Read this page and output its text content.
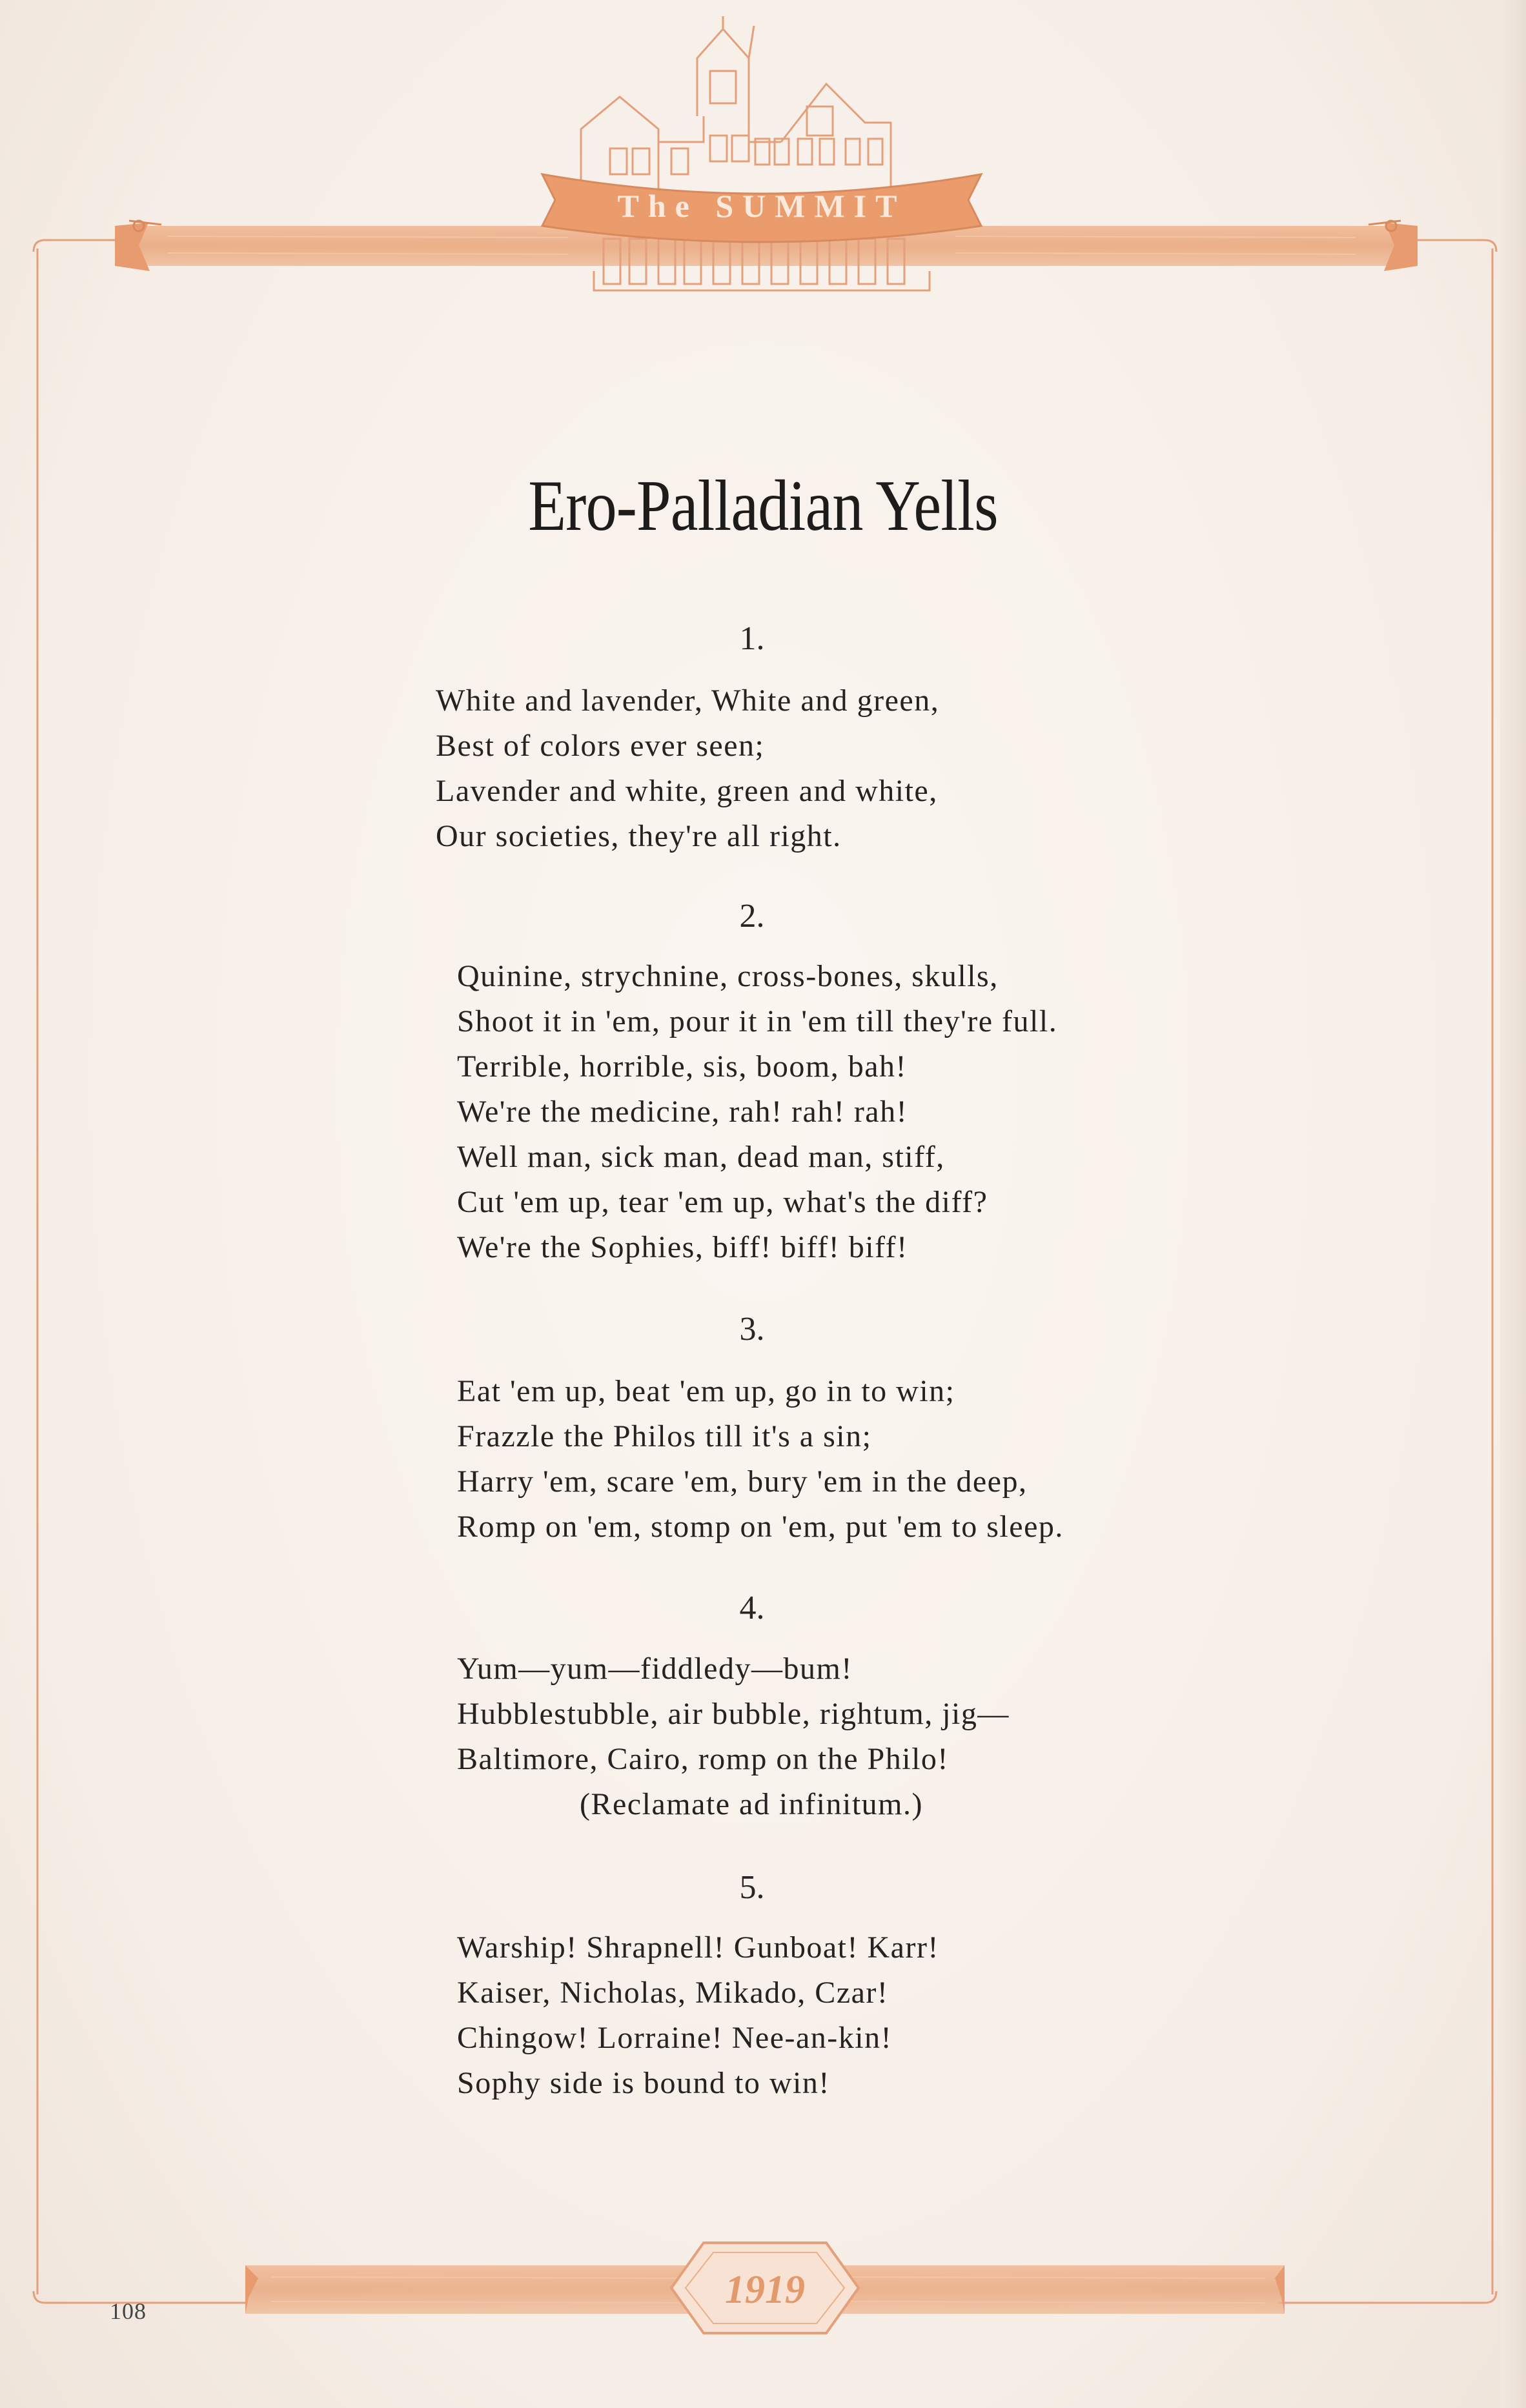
The SUMMIT
1919
Ero-Palladian Yells
1.
White and lavender, White and green,
Best of colors ever seen;
Lavender and white, green and white,
Our societies, they're all right.
2.
Quinine, strychnine, cross-bones, skulls,
Shoot it in 'em, pour it in 'em till they're full.
Terrible, horrible, sis, boom, bah!
We're the medicine, rah! rah! rah!
Well man, sick man, dead man, stiff,
Cut 'em up, tear 'em up, what's the diff?
We're the Sophies, biff! biff! biff!
3.
Eat 'em up, beat 'em up, go in to win;
Frazzle the Philos till it's a sin;
Harry 'em, scare 'em, bury 'em in the deep,
Romp on 'em, stomp on 'em, put 'em to sleep.
4.
Yum—yum—fiddledy—bum!
Hubblestubble, air bubble, rightum, jig—
Baltimore, Cairo, romp on the Philo!
(Reclamate ad infinitum.)
5.
Warship! Shrapnell! Gunboat! Karr!
Kaiser, Nicholas, Mikado, Czar!
Chingow! Lorraine! Nee-an-kin!
Sophy side is bound to win!
108
